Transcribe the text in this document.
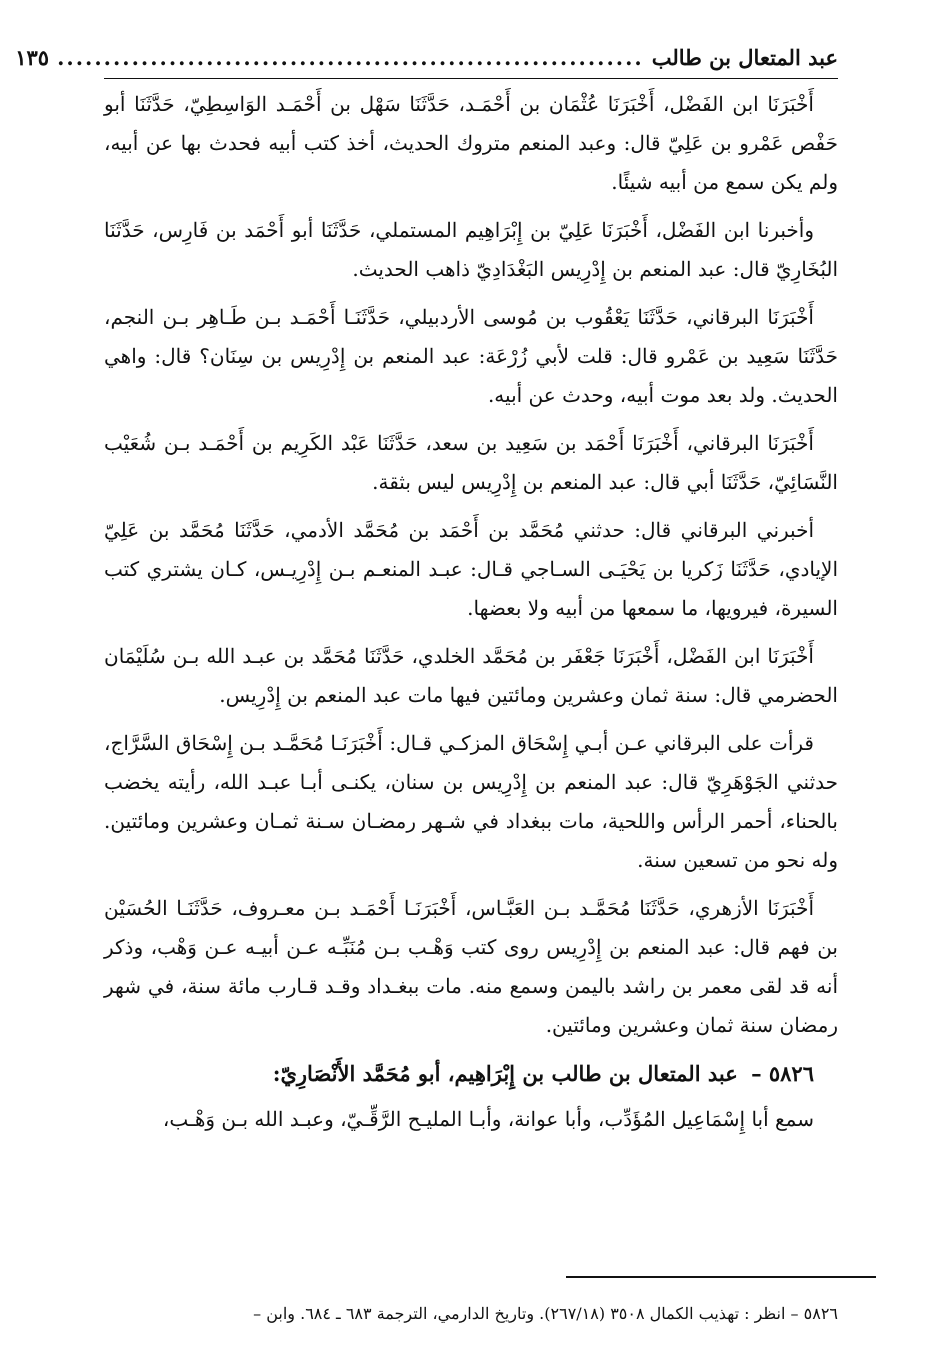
عبد المتعال بن طالب
...............................................................
١٣٥

أَخْبَرَنَا ابن الفَضْل، أَخْبَرَنَا عُثْمَان بن أَحْمَـد، حَدَّثَنَا سَهْل بن أَحْمَـد الوَاسِطِيّ، حَدَّثَنَا أبو حَفْص عَمْرو بن عَلِيّ قال: وعبد المنعم متروك الحديث، أخذ كتب أبيه فحدث بها عن أبيه، ولم يكن سمع من أبيه شيئًا.

وأخبرنا ابن الفَضْل، أَخْبَرَنَا عَلِيّ بن إِبْرَاهِيم المستملي، حَدَّثَنَا أبو أَحْمَد بن فَارِس، حَدَّثَنَا البُخَارِيّ قال: عبد المنعم بن إِدْرِيس البَغْدَادِيّ ذاهب الحديث.

أَخْبَرَنَا البرقاني، حَدَّثَنَا يَعْقُوب بن مُوسى الأردبيلي، حَدَّثَنَـا أَحْمَـد بـن طَـاهِر بـن النجم، حَدَّثَنَا سَعِيد بن عَمْرو قال: قلت لأبي زُرْعَة: عبد المنعم بن إِدْرِيس بن سِنَان؟ قال: واهي الحديث. ولد بعد موت أبيه، وحدث عن أبيه.

أَخْبَرَنَا البرقاني، أَخْبَرَنَا أَحْمَد بن سَعِيد بن سعد، حَدَّثَنَا عَبْد الكَرِيم بن أَحْمَـد بـن شُعَيْب النَّسَائِيّ، حَدَّثَنَا أبي قال: عبد المنعم بن إِدْرِيس ليس بثقة.

أخبرني البرقاني قال: حدثني مُحَمَّد بن أَحْمَد بن مُحَمَّد الأدمي، حَدَّثَنَا مُحَمَّد بن عَلِيّ الإيادي، حَدَّثَنَا زَكريا بن يَحْيَـى السـاجي قـال: عبـد المنعـم بـن إِدْرِيـس، كـان يشتري كتب السيرة، فيرويها، ما سمعها من أبيه ولا بعضها.

أَخْبَرَنَا ابن الفَضْل، أَخْبَرَنَا جَعْفَر بن مُحَمَّد الخلدي، حَدَّثَنَا مُحَمَّد بن عبـد الله بـن سُلَيْمَان الحضرمي قال: سنة ثمان وعشرين ومائتين فيها مات عبد المنعم بن إِدْرِيس.

قرأت على البرقاني عـن أبـي إِسْحَاق المزكـي قـال: أَخْبَرَنَـا مُحَمَّـد بـن إِسْحَاق السَّرَّاج، حدثني الجَوْهَرِيّ قال: عبد المنعم بن إِدْرِيس بن سنان، يكنـى أبـا عبـد الله، رأيته يخضب بالحناء، أحمر الرأس واللحية، مات ببغداد في شـهر رمضـان سـنة ثمـان وعشرين ومائتين. وله نحو من تسعين سنة.

أَخْبَرَنَا الأزهري، حَدَّثَنَا مُحَمَّـد بـن العَبَّـاس، أَخْبَرَنَـا أَحْمَـد بـن معـروف، حَدَّثَنَـا الحُسَيْن بن فهم قال: عبد المنعم بن إِدْرِيس روى كتب وَهْـب بـن مُنَبِّـه عـن أبيـه عـن وَهْب، وذكر أنه قد لقى معمر بن راشد باليمن وسمع منه. مات ببغـداد وقـد قـارب مائة سنة، في شهر رمضان سنة ثمان وعشرين ومائتين.

٥٨٢٦ – عبد المتعال بن طالب بن إِبْرَاهِيم، أبو مُحَمَّد الأَنْصَارِيّ:

سمع أبا إِسْمَاعِيل المُؤَدِّب، وأبا عوانة، وأبـا المليـح الرَّقِّـيّ، وعبـد الله بـن وَهْـب،

٥٨٢٦ – انظر : تهذيب الكمال ٣٥٠٨ (٢٦٧/١٨). وتاريخ الدارمي، الترجمة ٦٨٣ ـ ٦٨٤. وابن –
